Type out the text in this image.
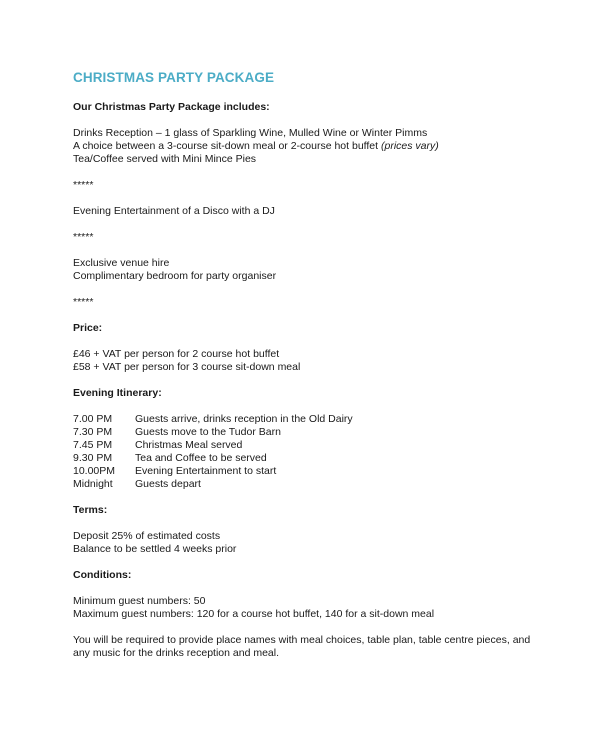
CHRISTMAS PARTY PACKAGE
Our Christmas Party Package includes:
Drinks Reception – 1 glass of Sparkling Wine, Mulled Wine or Winter Pimms
A choice between a 3-course sit-down meal or 2-course hot buffet (prices vary)
Tea/Coffee served with Mini Mince Pies
*****
Evening Entertainment of a Disco with a DJ
*****
Exclusive venue hire
Complimentary bedroom for party organiser
*****
Price:
£46 + VAT per person for 2 course hot buffet
£58 + VAT per person for 3 course sit-down meal
Evening Itinerary:
7.00 PM	Guests arrive, drinks reception in the Old Dairy
7.30 PM	Guests move to the Tudor Barn
7.45 PM	Christmas Meal served
9.30 PM	Tea and Coffee to be served
10.00PM	Evening Entertainment to start
Midnight	Guests depart
Terms:
Deposit 25% of estimated costs
Balance to be settled 4 weeks prior
Conditions:
Minimum guest numbers: 50
Maximum guest numbers: 120 for a course hot buffet, 140 for a sit-down meal
You will be required to provide place names with meal choices, table plan, table centre pieces, and any music for the drinks reception and meal.
